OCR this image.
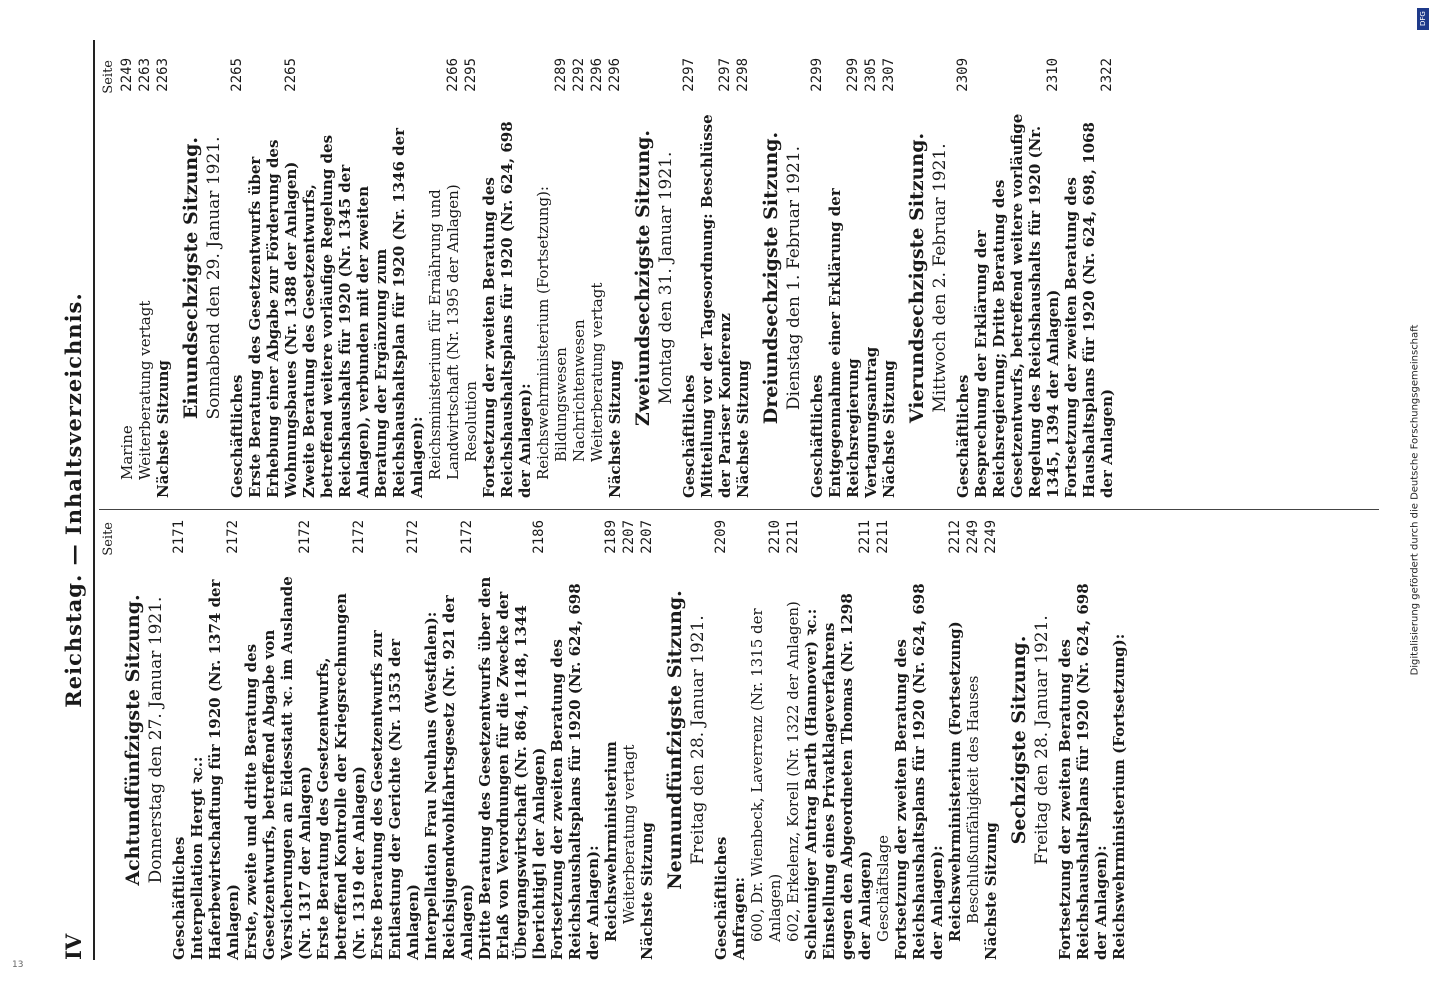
IV
Reichstag. — Inhaltsverzeichnis. Seite
Achtundfünfzigste Sitzung. Donnerstag den 27. Januar 1921.
Geschäftliches
2171
Interpellation Hergt ꝛc.: Haferbewirtschaftung für 1920 (Nr. 1374 der Anlagen)
2172
Erste, zweite und dritte Beratung des Gesetzentwurfs, betreffend Abgabe von Versicherungen an Eidesstatt ꝛc. im Auslande (Nr. 1317 der Anlagen)
2172
Erste Beratung des Gesetzentwurfs, betreffend Kontrolle der Kriegsrechnungen (Nr. 1319 der Anlagen)
2172
Erste Beratung des Gesetzentwurfs zur Entlastung der Gerichte (Nr. 1353 der Anlagen)
2172
Interpellation Frau Neuhaus (Westfalen): Reichsjugendwohlfahrtsgesetz (Nr. 921 der Anlagen)
2172
Dritte Beratung des Gesetzentwurfs über den Erlaß von Verordnungen für die Zwecke der Übergangswirtschaft (Nr. 864, 1148, 1344 [berichtigt] der Anlagen)
2186
Fortsetzung der zweiten Beratung des Reichshaushaltsplans für 1920 (Nr. 624, 698 der Anlagen): Reichswehrministerium
2189
Weiterberatung vertagt
2207
Nächste Sitzung
2207
Neunundfünfzigste Sitzung. Freitag den 28. Januar 1921.
Geschäftliches
2209
Anfragen: 600, Dr. Wienbeck, Laverrenz (Nr. 1315 der Anlagen)
2210
602, Erkelenz, Korell (Nr. 1322 der Anlagen)
2211
Schleuniger Antrag Barth (Hannover) ꝛc.: Einstellung eines Privatklageverfahrens gegen den Abgeordneten Thomas (Nr. 1298 der Anlagen)
2211
Geschäftslage
2211
Fortsetzung der zweiten Beratung des Reichshaushaltsplans für 1920 (Nr. 624, 698 der Anlagen): Reichswehrministerium (Fortsetzung)
2212
Beschlußunfähigkeit des Hauses
2249
Nächste Sitzung
2249
Sechzigste Sitzung. Freitag den 28. Januar 1921. Fortsetzung der zweiten Beratung des Reichshaushaltsplans für 1920 (Nr. 624, 698 der Anlagen): Reichswehrministerium (Fortsetzung):
Seite
Marine
2249
Weiterberatung vertagt
2263
Nächste Sitzung
2263
Einundsechzigste Sitzung. Sonnabend den 29. Januar 1921.
Geschäftliches
2265
Erste Beratung des Gesetzentwurfs über Erhebung einer Abgabe zur Förderung des Wohnungsbaues (Nr. 1388 der Anlagen)
2265
Zweite Beratung des Gesetzentwurfs, betreffend weitere vorläufige Regelung des Reichshaushalts für 1920 (Nr. 1345 der Anlagen), verbunden mit der zweiten Beratung der Ergänzung zum Reichshaushaltsplan für 1920 (Nr. 1346 der Anlagen): Reichsministerium für Ernährung und Landwirtschaft (Nr. 1395 der Anlagen)
2266
Resolution
2295
Fortsetzung der zweiten Beratung des Reichshaushaltsplans für 1920 (Nr. 624, 698 der Anlagen): Reichswehrministerium (Fortsetzung): Bildungswesen
2289
Nachrichtenwesen
2292
Weiterberatung vertagt
2296
Nächste Sitzung
2296
Zweiundsechzigste Sitzung. Montag den 31. Januar 1921.
Geschäftliches
2297
Mitteilung vor der Tagesordnung: Beschlüsse der Pariser Konferenz
2297
Nächste Sitzung
2298
Dreiundsechzigste Sitzung. Dienstag den 1. Februar 1921.
Geschäftliches
2299
Entgegennahme einer Erklärung der Reichsregierung
2299
Vertagungsantrag
2305
Nächste Sitzung
2307
Vierundsechzigste Sitzung. Mittwoch den 2. Februar 1921.
Geschäftliches
2309
Besprechung der Erklärung der Reichsregierung; Dritte Beratung des Gesetzentwurfs, betreffend weitere vorläufige Regelung des Reichshaushalts für 1920 (Nr. 1345, 1394 der Anlagen)
2310
Fortsetzung der zweiten Beratung des Haushaltsplans für 1920 (Nr. 624, 698, 1068 der Anlagen)
2322
DFG
Digitalisierung gefördert durch die Deutsche Forschungsgemeinschaft
13
